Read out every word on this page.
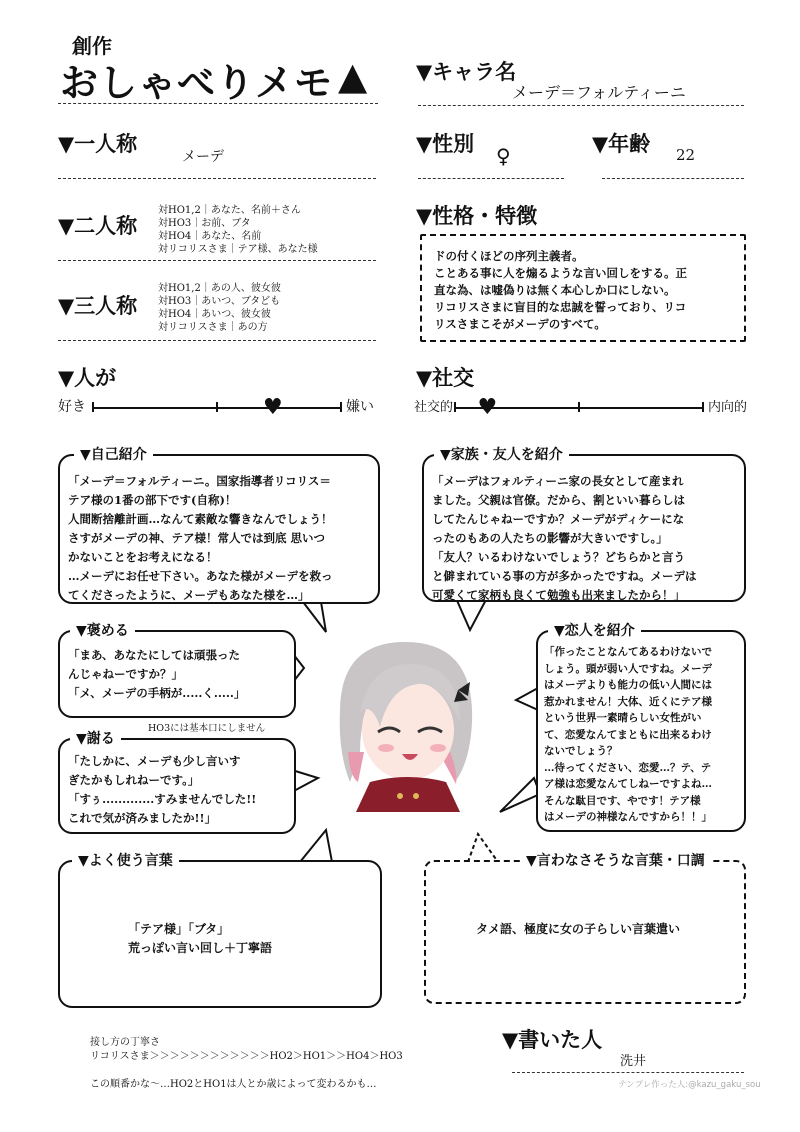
創作
おしゃべりメモ ▲ ▼キャラ名
メーデ＝フォルティーニ
▼一人称
メーデ
▼性別 ♀	▼年齢 22
▼二人称
対HO1,2｜あなた、名前＋さん
対HO3｜お前、ブタ
対HO4｜あなた、名前
対リコリスさま｜テア様、あなた様
▼三人称
対HO1,2｜あの人、彼女彼
対HO3｜あいつ、ブタども
対HO4｜あいつ、彼女彼
対リコリスさま｜あの方
▼性格・特徴
ドの付くほどの序列主義者。
ことある事に人を煽るような言い回しをする。正
直な為、は嘘偽りは無く本心しか口にしない。
リコリスさまに盲目的な忠誠を誓っており、リコ
リスさまこそがメーデのすべて。
▼人が
好き	嫌い
♥
▼社交
社交的	内向的
♥
「メーデ＝フォルティーニ。国家指導者リコリス＝
テア様の1番の部下です(自称)！
人間断捨離計画…なんて素敵な響きなんでしょう！
さすがメーデの神、テア様！常人では到底 思いつ
かないことをお考えになる！
…メーデにお任せ下さい。あなた様がメーデを救っ
てくださったように、メーデもあなた様を…」
▼自己紹介
「メーデはフォルティーニ家の長女として産まれ
ました。父親は官僚。だから、割といい暮らしは
してたんじゃねーですか？メーデがディケーにな
ったのもあの人たちの影響が大きいですし。」
「友人？いるわけないでしょう？どちらかと言う
と僻まれている事の方が多かったですね。メーデは
可愛くて家柄も良くて勉強も出来ましたから！」
▼家族・友人を紹介
「まあ、あなたにしては頑張った
んじゃねーですか？」
「メ、メーデの手柄が.....く.....」
▼褒める
HO3には基本口にしません
「たしかに、メーデも少し言いす
ぎたかもしれねーです。」
「すぅ.............すみませんでした!!
これで気が済みましたか!!」
▼謝る
「作ったことなんてあるわけないで
しょう。頭が弱い人ですね。メーデ
はメーデよりも能力の低い人間には
惹かれません！大体、近くにテア様
という世界一素晴らしい女性がい
て、恋愛なんてまともに出来るわけ
ないでしょう？
…待ってください、恋愛…？テ、テ
ア様は恋愛なんてしねーですよね…
そんな駄目です、やです！テア様
はメーデの神様なんですから！！」
▼恋人を紹介
「テア様」「ブタ」
荒っぽい言い回し＋丁寧語
▼よく使う言葉
タメ語、極度に女の子らしい言葉遣い
▼言わなさそうな言葉・口調
接し方の丁寧さ
リコリスさま＞＞＞＞＞＞＞＞＞＞＞＞HO2＞HO1＞＞HO4＞HO3
この順番かな〜…HO2とHO1は人とか歳によって変わるかも…
▼書いた人
洗井
テンプレ作った人:@kazu_gaku_sou
